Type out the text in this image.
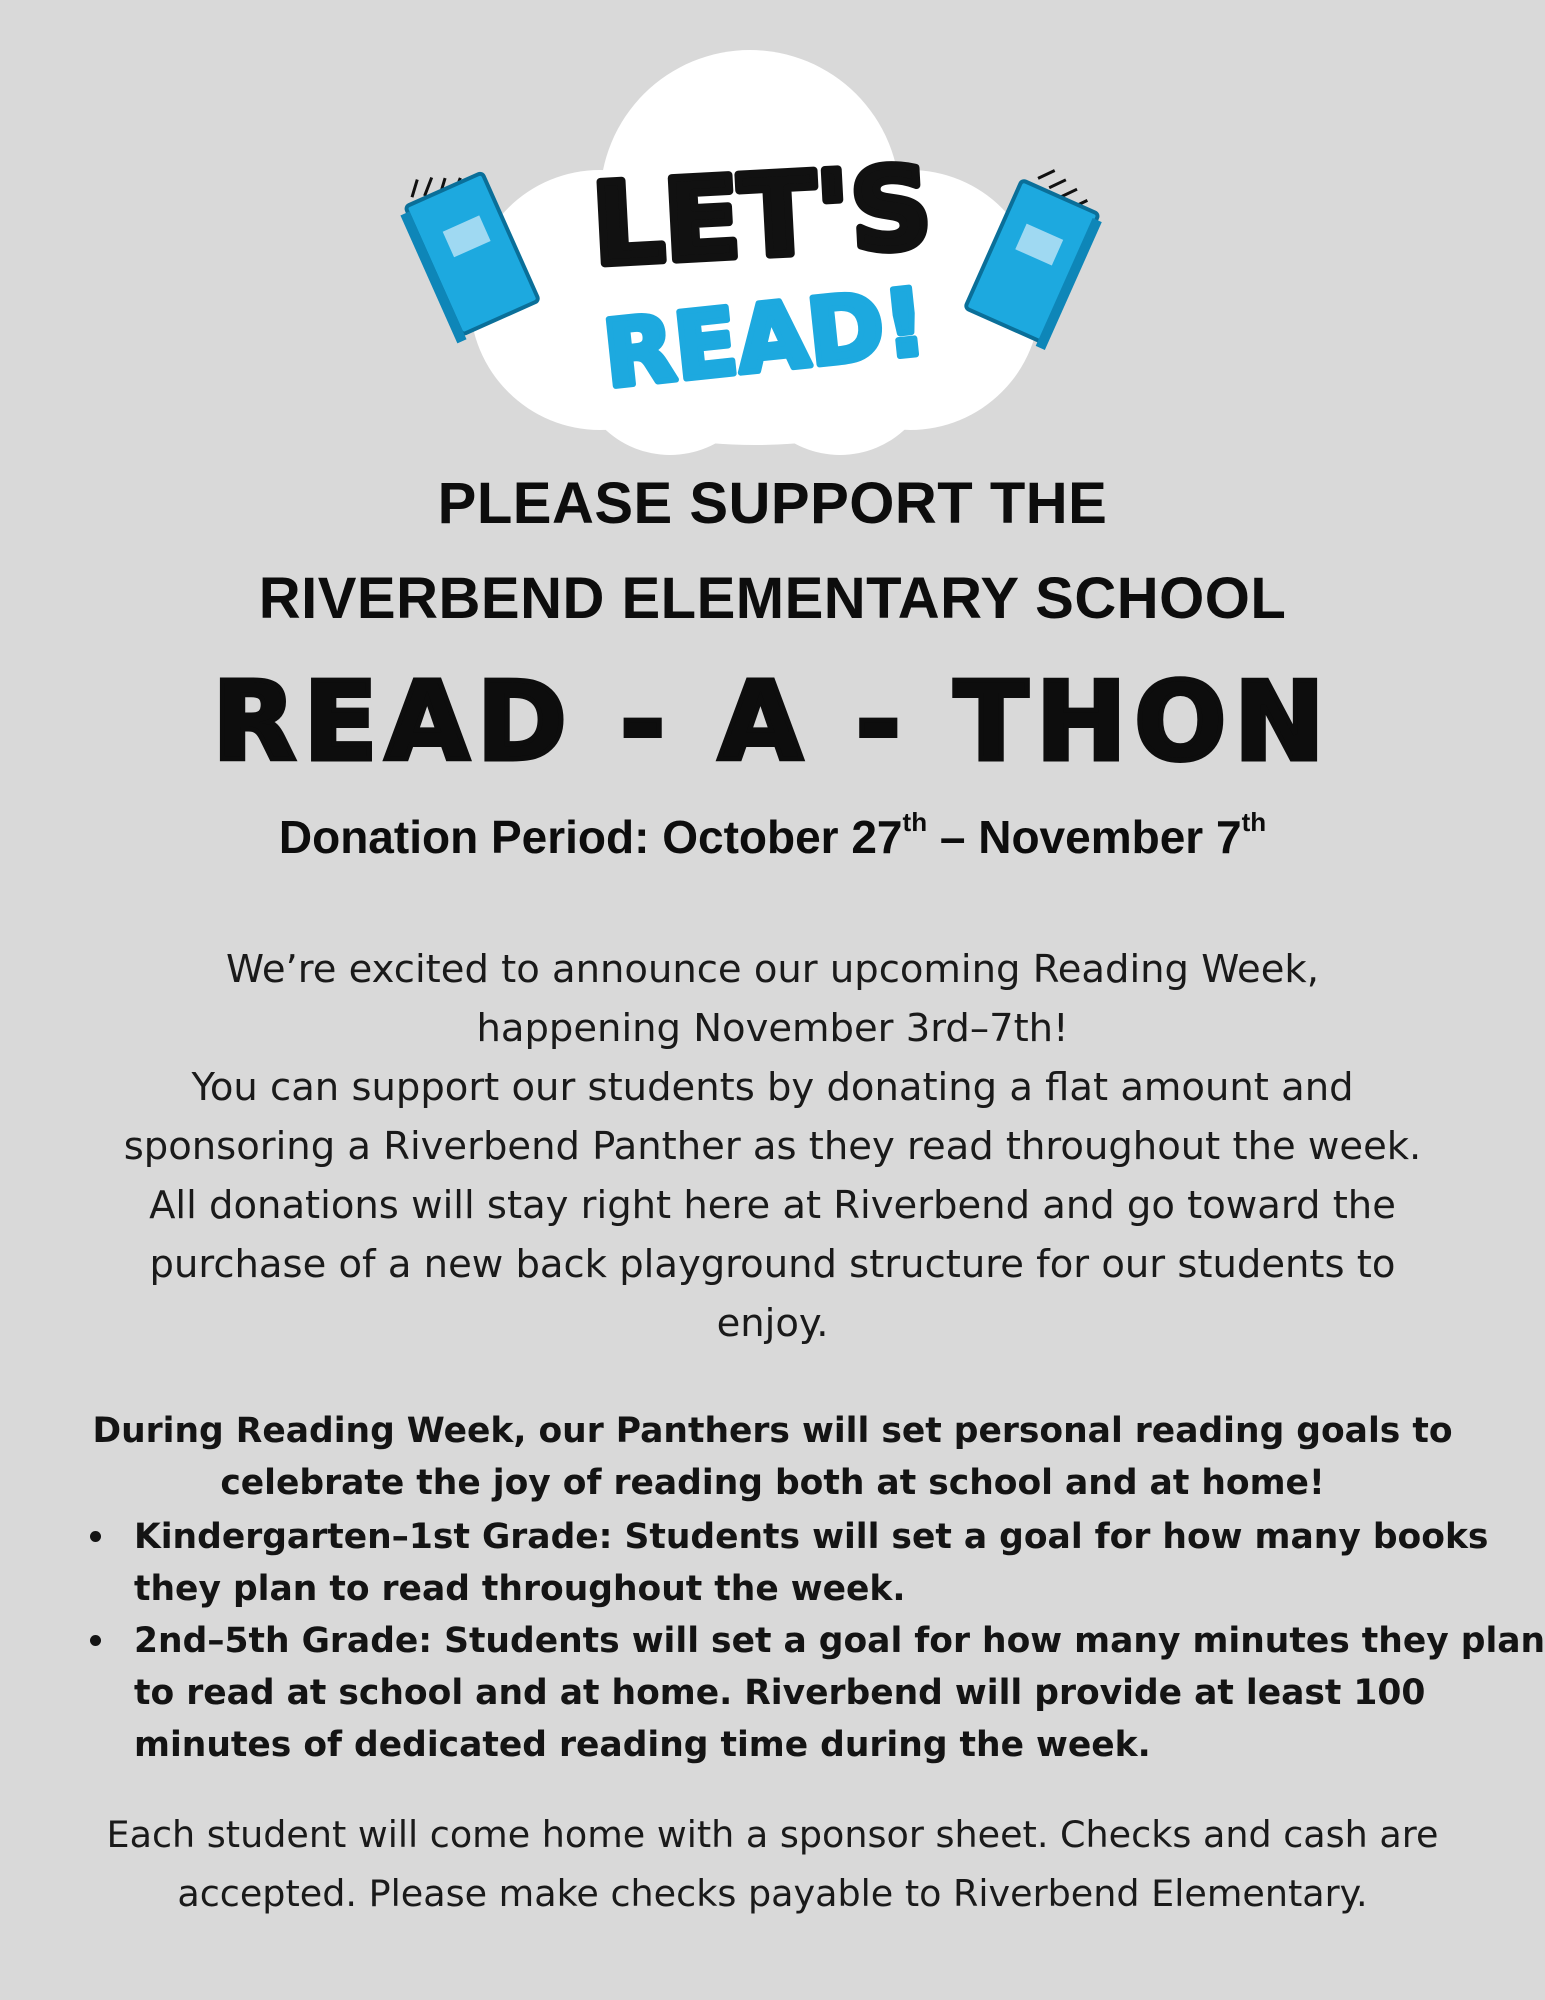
LET'S
READ!
PLEASE SUPPORT THE
RIVERBEND ELEMENTARY SCHOOL
READ - A - THON
Donation Period: October 27th – November 7th

We’re excited to announce our upcoming Reading Week,

happening November 3rd–7th!

You can support our students by donating a flat amount and

sponsoring a Riverbend Panther as they read throughout the week.

All donations will stay right here at Riverbend and go toward the

purchase of a new back playground structure for our students to

enjoy.

During Reading Week, our Panthers will set personal reading goals to

celebrate the joy of reading both at school and at home!

Kindergarten–1st Grade: Students will set a goal for how many books
they plan to read throughout the week.
2nd–5th Grade: Students will set a goal for how many minutes they plan
to read at school and at home. Riverbend will provide at least 100
minutes of dedicated reading time during the week.

Each student will come home with a sponsor sheet. Checks and cash are

accepted. Please make checks payable to Riverbend Elementary.
